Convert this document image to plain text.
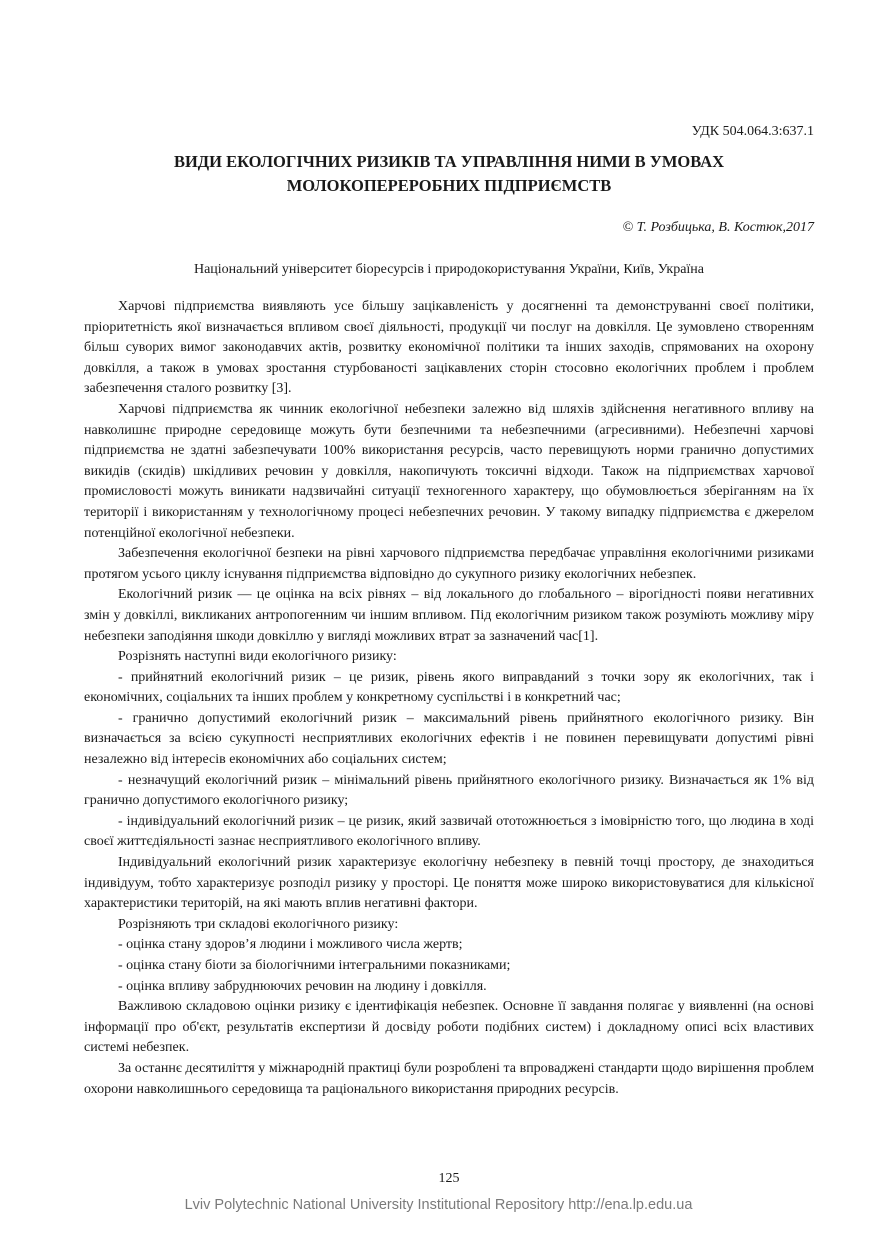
УДК 504.064.3:637.1
ВИДИ ЕКОЛОГІЧНИХ РИЗИКІВ ТА УПРАВЛІННЯ НИМИ В УМОВАХ
МОЛОКОПЕРЕРОБНИХ ПІДПРИЄМСТВ
© Т. Розбицька, В. Костюк,2017
Національний університет біоресурсів і природокористування України, Київ, Україна

Харчові підприємства виявляють усе більшу зацікавленість у досягненні та демонструванні своєї політики, пріоритетність якої визначається впливом своєї діяльності, продукції чи послуг на довкілля. Це зумовлено створенням більш суворих вимог законодавчих актів, розвитку економічної політики та інших заходів, спрямованих на охорону довкілля, а також в умовах зростання стурбованості зацікавлених сторін стосовно екологічних проблем і проблем забезпечення сталого розвитку [3].

Харчові підприємства як чинник екологічної небезпеки залежно від шляхів здійснення негативного впливу на навколишнє природне середовище можуть бути безпечними та небезпечними (агресивними). Небезпечні харчові підприємства не здатні забезпечувати 100% використання ресурсів, часто перевищують норми гранично допустимих викидів (скидів) шкідливих речовин у довкілля, накопичують токсичні відходи. Також на підприємствах харчової промисловості можуть виникати надзвичайні ситуації техногенного характеру, що обумовлюється зберіганням на їх території і використанням у технологічному процесі небезпечних речовин. У такому випадку підприємства є джерелом потенційної екологічної небезпеки.

Забезпечення екологічної безпеки на рівні харчового підприємства передбачає управління екологічними ризиками протягом усього циклу існування підприємства відповідно до сукупного ризику екологічних небезпек.

Екологічний ризик — це оцінка на всіх рівнях – від локального до глобального – вірогідності появи негативних змін у довкіллі, викликаних антропогенним чи іншим впливом. Під екологічним ризиком також розуміють можливу міру небезпеки заподіяння шкоди довкіллю у вигляді можливих втрат за зазначений час[1].

Розрізнять наступні види екологічного ризику:

- прийнятний екологічний ризик – це ризик, рівень якого виправданий з точки зору як екологічних, так і економічних, соціальних та інших проблем у конкретному суспільстві і в конкретний час;

- гранично допустимий екологічний ризик – максимальний рівень прийнятного екологічного ризику. Він визначається за всією сукупності несприятливих екологічних ефектів і не повинен перевищувати допустимі рівні незалежно від інтересів економічних або соціальних систем;

- незначущий екологічний ризик – мінімальний рівень прийнятного екологічного ризику. Визначається як 1% від гранично допустимого екологічного ризику;

- індивідуальний екологічний ризик – це ризик, який зазвичай ототожнюється з імовірністю того, що людина в ході своєї життєдіяльності зазнає несприятливого екологічного впливу.

Індивідуальний екологічний ризик характеризує екологічну небезпеку в певній точці простору, де знаходиться індивідуум, тобто характеризує розподіл ризику у просторі. Це поняття може широко використовуватися для кількісної характеристики територій, на які мають вплив негативні фактори.

Розрізняють три складові екологічного ризику:

- оцінка стану здоров’я людини і можливого числа жертв;

- оцінка стану біоти за біологічними інтегральними показниками;

- оцінка впливу забруднюючих речовин на людину і довкілля.

Важливою складовою оцінки ризику є ідентифікація небезпек. Основне її завдання полягає у виявленні (на основі інформації про об'єкт, результатів експертизи й досвіду роботи подібних систем) і докладному описі всіх властивих системі небезпек.

За останнє десятиліття у міжнародній практиці були розроблені та впроваджені стандарти щодо вирішення проблем охорони навколишнього середовища та раціонального використання природних ресурсів.

125
Lviv Polytechnic National University Institutional Repository http://ena.lp.edu.ua
